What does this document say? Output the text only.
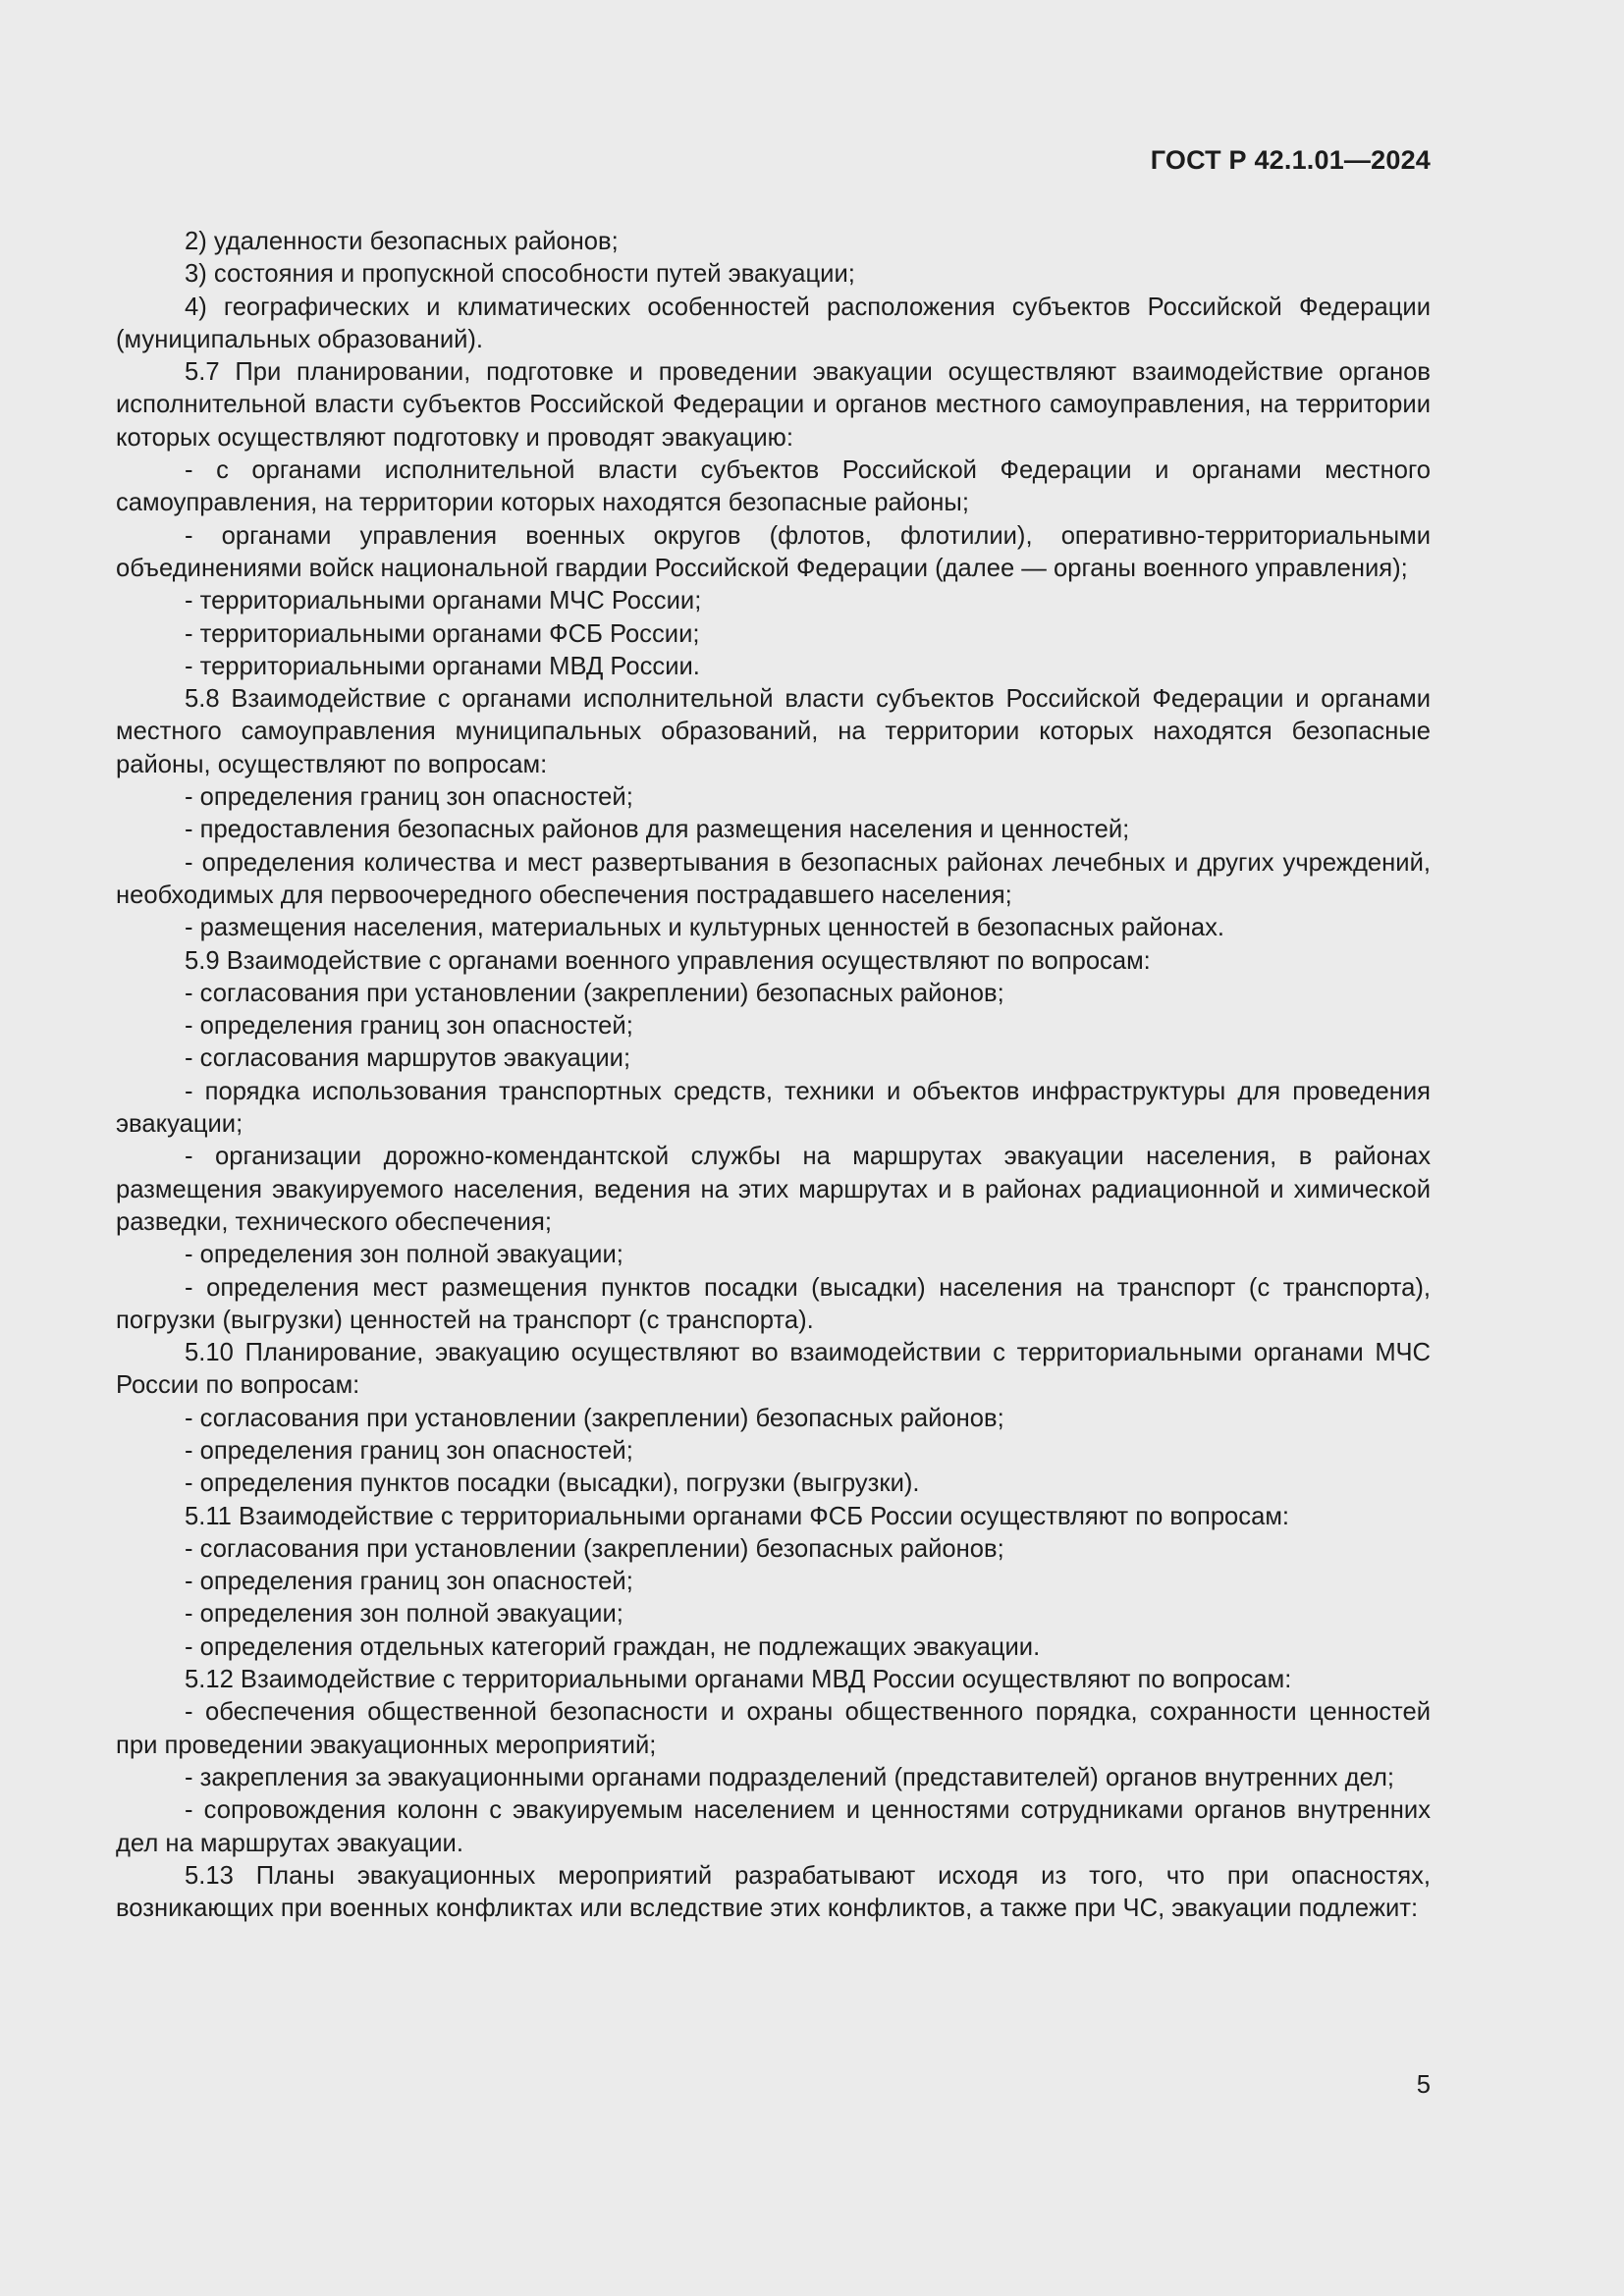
ГОСТ Р 42.1.01—2024

2) удаленности безопасных районов;

3) состояния и пропускной способности путей эвакуации;

4) географических и климатических особенностей расположения субъектов Российской Федерации (муниципальных образований).

5.7 При планировании, подготовке и проведении эвакуации осуществляют взаимодействие органов исполнительной власти субъектов Российской Федерации и органов местного самоуправления, на территории которых осуществляют подготовку и проводят эвакуацию:

- с органами исполнительной власти субъектов Российской Федерации и органами местного самоуправления, на территории которых находятся безопасные районы;

- органами управления военных округов (флотов, флотилии), оперативно-территориальными объединениями войск национальной гвардии Российской Федерации (далее — органы военного управления);

- территориальными органами МЧС России;

- территориальными органами ФСБ России;

- территориальными органами МВД России.

5.8 Взаимодействие с органами исполнительной власти субъектов Российской Федерации и органами местного самоуправления муниципальных образований, на территории которых находятся безопасные районы, осуществляют по вопросам:

- определения границ зон опасностей;

- предоставления безопасных районов для размещения населения и ценностей;

- определения количества и мест развертывания в безопасных районах лечебных и других учреждений, необходимых для первоочередного обеспечения пострадавшего населения;

- размещения населения, материальных и культурных ценностей в безопасных районах.

5.9 Взаимодействие с органами военного управления осуществляют по вопросам:

- согласования при установлении (закреплении) безопасных районов;

- определения границ зон опасностей;

- согласования маршрутов эвакуации;

- порядка использования транспортных средств, техники и объектов инфраструктуры для проведения эвакуации;

- организации дорожно-комендантской службы на маршрутах эвакуации населения, в районах размещения эвакуируемого населения, ведения на этих маршрутах и в районах радиационной и химической разведки, технического обеспечения;

- определения зон полной эвакуации;

- определения мест размещения пунктов посадки (высадки) населения на транспорт (с транспорта), погрузки (выгрузки) ценностей на транспорт (с транспорта).

5.10 Планирование, эвакуацию осуществляют во взаимодействии с территориальными органами МЧС России по вопросам:

- согласования при установлении (закреплении) безопасных районов;

- определения границ зон опасностей;

- определения пунктов посадки (высадки), погрузки (выгрузки).

5.11 Взаимодействие с территориальными органами ФСБ России осуществляют по вопросам:

- согласования при установлении (закреплении) безопасных районов;

- определения границ зон опасностей;

- определения зон полной эвакуации;

- определения отдельных категорий граждан, не подлежащих эвакуации.

5.12 Взаимодействие с территориальными органами МВД России осуществляют по вопросам:

- обеспечения общественной безопасности и охраны общественного порядка, сохранности ценностей при проведении эвакуационных мероприятий;

- закрепления за эвакуационными органами подразделений (представителей) органов внутренних дел;

- сопровождения колонн с эвакуируемым населением и ценностями сотрудниками органов внутренних дел на маршрутах эвакуации.

5.13 Планы эвакуационных мероприятий разрабатывают исходя из того, что при опасностях, возникающих при военных конфликтах или вследствие этих конфликтов, а также при ЧС, эвакуации подлежит:

5
